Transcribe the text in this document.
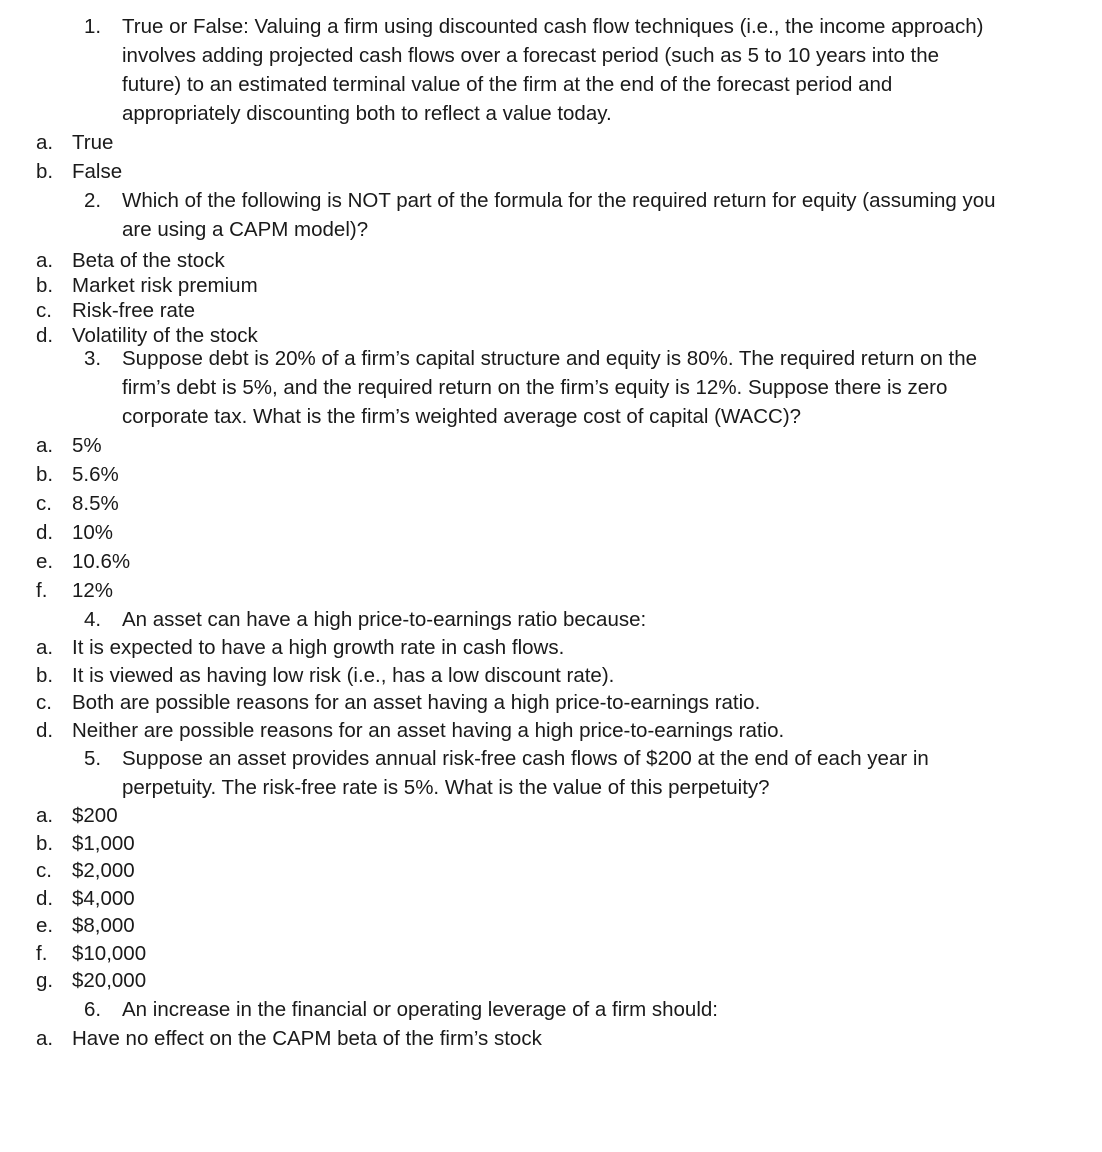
1.	True or False: Valuing a firm using discounted cash flow techniques (i.e., the income approach) involves adding projected cash flows over a forecast period (such as 5 to 10 years into the future) to an estimated terminal value of the firm at the end of the forecast period and appropriately discounting both to reflect a value today.
a. True
b. False
2.	Which of the following is NOT part of the formula for the required return for equity (assuming you are using a CAPM model)?
a. Beta of the stock
b. Market risk premium
c. Risk-free rate
d. Volatility of the stock
3.	Suppose debt is 20% of a firm’s capital structure and equity is 80%. The required return on the firm’s debt is 5%, and the required return on the firm’s equity is 12%. Suppose there is zero corporate tax. What is the firm’s weighted average cost of capital (WACC)?
a. 5%
b. 5.6%
c. 8.5%
d. 10%
e. 10.6%
f.	12%
4.	An asset can have a high price-to-earnings ratio because:
a. It is expected to have a high growth rate in cash flows.
b. It is viewed as having low risk (i.e., has a low discount rate).
c. Both are possible reasons for an asset having a high price-to-earnings ratio.
d. Neither are possible reasons for an asset having a high price-to-earnings ratio.
5.	Suppose an asset provides annual risk-free cash flows of $200 at the end of each year in perpetuity. The risk-free rate is 5%. What is the value of this perpetuity?
a. $200
b. $1,000
c. $2,000
d. $4,000
e. $8,000
f.	$10,000
g. $20,000
6.	An increase in the financial or operating leverage of a firm should:
a. Have no effect on the CAPM beta of the firm’s stock
